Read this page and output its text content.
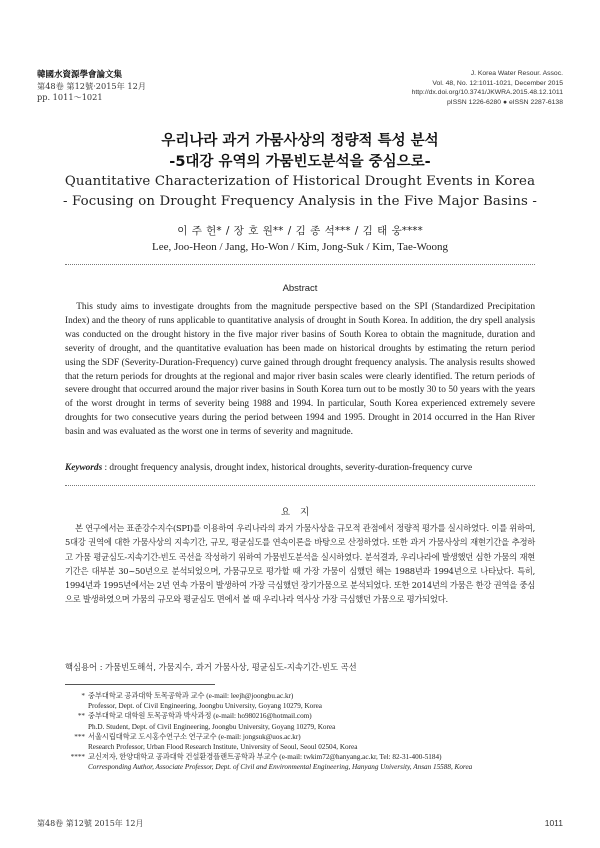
韓國水資源學會論文集
第48卷 第12號·2015年 12月
pp. 1011～1021
J. Korea Water Resour. Assoc.
Vol. 48, No. 12:1011-1021, December 2015
http://dx.doi.org/10.3741/JKWRA.2015.48.12.1011
pISSN 1226-6280 ● eISSN 2287-6138
우리나라 과거 가뭄사상의 정량적 특성 분석
-5대강 유역의 가뭄빈도분석을 중심으로-
Quantitative Characterization of Historical Drought Events in Korea
- Focusing on Drought Frequency Analysis in the Five Major Basins -
이 주 헌* / 장 호 원** / 김 종 석*** / 김 태 웅****
Lee, Joo-Heon / Jang, Ho-Won / Kim, Jong-Suk / Kim, Tae-Woong
Abstract
This study aims to investigate droughts from the magnitude perspective based on the SPI (Standardized Precipitation Index) and the theory of runs applicable to quantitative analysis of drought in South Korea. In addition, the dry spell analysis was conducted on the drought history in the five major river basins of South Korea to obtain the magnitude, duration and severity of drought, and the quantitative evaluation has been made on historical droughts by estimating the return period using the SDF (Severity-Duration-Frequency) curve gained through drought frequency analysis. The analysis results showed that the return periods for droughts at the regional and major river basin scales were clearly identified. The return periods of severe drought that occurred around the major river basins in South Korea turn out to be mostly 30 to 50 years with the years of the worst drought in terms of severity being 1988 and 1994. In particular, South Korea experienced extremely severe droughts for two consecutive years during the period between 1994 and 1995. Drought in 2014 occurred in the Han River basin and was evaluated as the worst one in terms of severity and magnitude.
Keywords : drought frequency analysis, drought index, historical droughts, severity-duration-frequency curve
요지
본 연구에서는 표준강수지수(SPI)를 이용하여 우리나라의 과거 가뭄사상을 규모적 관점에서 정량적 평가를 실시하였다. 이를 위하여, 5대강 권역에 대한 가뭄사상의 지속기간, 규모, 평균심도를 연속이론을 바탕으로 산정하였다. 또한 과거 가뭄사상의 재현기간을 추정하고 가뭄 평균심도-지속기간-빈도 곡선을 작성하기 위하여 가뭄빈도분석을 실시하였다. 분석결과, 우리나라에 발생했던 심한 가뭄의 재현기간은 대부분 30~50년으로 분석되었으며, 가뭄규모로 평가할 때 가장 가뭄이 심했던 해는 1988년과 1994년으로 나타났다. 특히, 1994년과 1995년에서는 2년 연속 가뭄이 발생하여 가장 극심했던 장기가뭄으로 분석되었다. 또한 2014년의 가뭄은 한강 권역을 중심으로 발생하였으며 가뭄의 규모와 평균심도 면에서 볼 때 우리나라 역사상 가장 극심했던 가뭄으로 평가되었다.
핵심용어 : 가뭄빈도해석, 가뭄지수, 과거 가뭄사상, 평균심도-지속기간-빈도 곡선
* 중부대학교 공과대학 토목공학과 교수 (e-mail: leejh@joongbu.ac.kr)
Professor, Dept. of Civil Engineering, Joongbu University, Goyang 10279, Korea
** 중부대학교 대학원 토목공학과 박사과정 (e-mail: ho980216@hotmail.com)
Ph.D. Student, Dept. of Civil Engineering, Joongbu University, Goyang 10279, Korea
*** 서울시립대학교 도시홍수연구소 연구교수 (e-mail: jongsuk@uos.ac.kr)
Research Professor, Urban Flood Research Institute, University of Seoul, Seoul 02504, Korea
**** 교신저자, 한양대학교 공과대학 건설환경플랜트공학과 부교수 (e-mail: twkim72@hanyang.ac.kr, Tel: 82-31-400-5184)
Corresponding Author, Associate Professor, Dept. of Civil and Environmental Engineering, Hanyang University, Ansan 15588, Korea
第48卷 第12號 2015年 12月	1011
